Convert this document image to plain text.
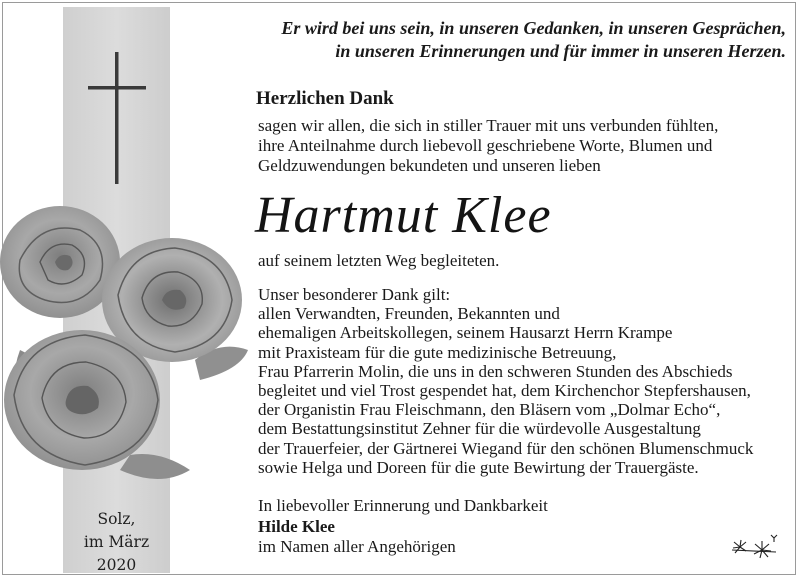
Solz,
im März 2020
Er wird bei uns sein, in unseren Gedanken, in unseren Gesprächen,
in unseren Erinnerungen und für immer in unseren Herzen.
Herzlichen Dank
sagen wir allen, die sich in stiller Trauer mit uns verbunden fühlten,
ihre Anteilnahme durch liebevoll geschriebene Worte, Blumen und
Geldzuwendungen bekundeten und unseren lieben
Hartmut Klee
auf seinem letzten Weg begleiteten.
Unser besonderer Dank gilt:
allen Verwandten, Freunden, Bekannten und
ehemaligen Arbeitskollegen, seinem Hausarzt Herrn Krampe
mit Praxisteam für die gute medizinische Betreuung,
Frau Pfarrerin Molin, die uns in den schweren Stunden des Abschieds
begleitet und viel Trost gespendet hat, dem Kirchenchor Stepfershausen,
der Organistin Frau Fleischmann, den Bläsern vom „Dolmar Echo“,
dem Bestattungsinstitut Zehner für die würdevolle Ausgestaltung
der Trauerfeier, der Gärtnerei Wiegand für den schönen Blumenschmuck
sowie Helga und Doreen für die gute Bewirtung der Trauergäste.
In liebevoller Erinnerung und Dankbarkeit
Hilde Klee
im Namen aller Angehörigen
